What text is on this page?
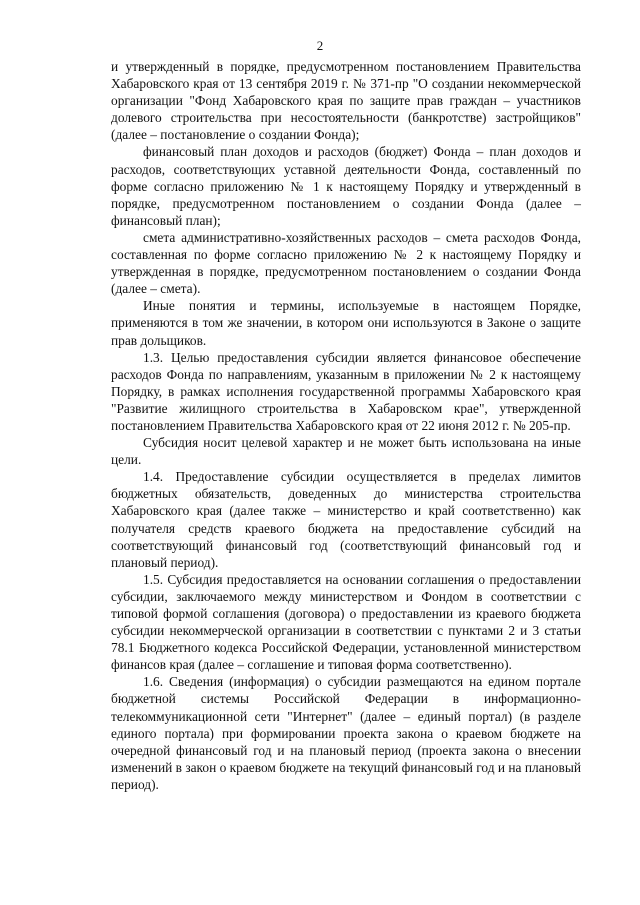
2

и утвержденный в порядке, предусмотренном постановлением Правительства Хабаровского края от 13 сентября 2019 г. № 371-пр "О создании некоммерческой организации "Фонд Хабаровского края по защите прав граждан – участников долевого строительства при несостоятельности (банкротстве) застройщиков" (далее – постановление о создании Фонда);

финансовый план доходов и расходов (бюджет) Фонда – план доходов и расходов, соответствующих уставной деятельности Фонда, составленный по форме согласно приложению № 1 к настоящему Порядку и утвержденный в порядке, предусмотренном постановлением о создании Фонда (далее – финансовый план);

смета административно-хозяйственных расходов – смета расходов Фонда, составленная по форме согласно приложению № 2 к настоящему Порядку и утвержденная в порядке, предусмотренном постановлением о создании Фонда (далее – смета).

Иные понятия и термины, используемые в настоящем Порядке, применяются в том же значении, в котором они используются в Законе о защите прав дольщиков.

1.3. Целью предоставления субсидии является финансовое обеспечение расходов Фонда по направлениям, указанным в приложении № 2 к настоящему Порядку, в рамках исполнения государственной программы Хабаровского края "Развитие жилищного строительства в Хабаровском крае", утвержденной постановлением Правительства Хабаровского края от 22 июня 2012 г. № 205-пр.

Субсидия носит целевой характер и не может быть использована на иные цели.

1.4. Предоставление субсидии осуществляется в пределах лимитов бюджетных обязательств, доведенных до министерства строительства Хабаровского края (далее также – министерство и край соответственно) как получателя средств краевого бюджета на предоставление субсидий на соответствующий финансовый год (соответствующий финансовый год и плановый период).

1.5. Субсидия предоставляется на основании соглашения о предоставлении субсидии, заключаемого между министерством и Фондом в соответствии с типовой формой соглашения (договора) о предоставлении из краевого бюджета субсидии некоммерческой организации в соответствии с пунктами 2 и 3 статьи 78.1 Бюджетного кодекса Российской Федерации, установленной министерством финансов края (далее – соглашение и типовая форма соответственно).

1.6. Сведения (информация) о субсидии размещаются на едином портале бюджетной системы Российской Федерации в информационно-телекоммуникационной сети "Интернет" (далее – единый портал) (в разделе единого портала) при формировании проекта закона о краевом бюджете на очередной финансовый год и на плановый период (проекта закона о внесении изменений в закон о краевом бюджете на текущий финансовый год и на плановый период).
